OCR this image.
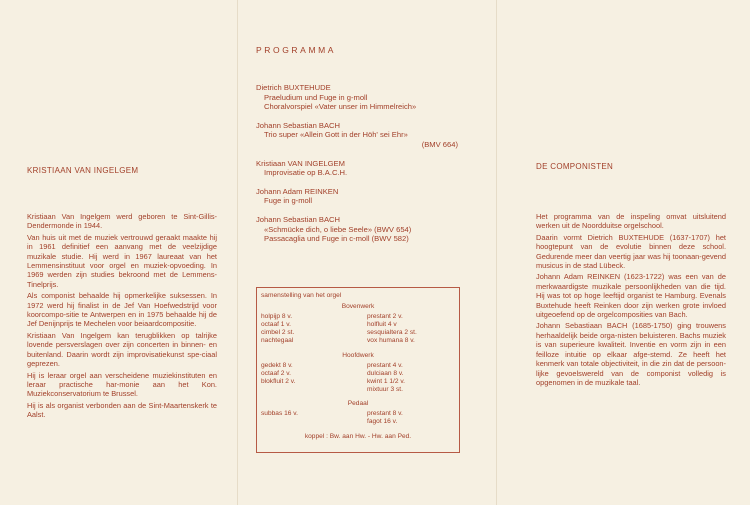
KRISTIAAN VAN INGELGEM

Kristiaan Van Ingelgem werd geboren te Sint-Gillis-Dendermonde in 1944.

Van huis uit met de muziek vertrouwd geraakt maakte hij in 1961 definitief een aanvang met de veelzijdige muzikale studie. Hij werd in 1967 laureaat van het Lemmensinstituut voor orgel en muziek-opvoeding. In 1969 werden zijn studies bekroond met de Lemmens-Tinelprijs.

Als componist behaalde hij opmerkelijke suksessen. In 1972 werd hij finalist in de Jef Van Hoefwedstrijd voor koorcompo-sitie te Antwerpen en in 1975 behaalde hij de Jef Denijnprijs te Mechelen voor beiaardcompositie.

Kristiaan Van Ingelgem kan terugblikken op talrijke lovende persverslagen over zijn concerten in binnen- en buitenland. Daarin wordt zijn improvisatiekunst spe-ciaal geprezen.

Hij is leraar orgel aan verscheidene muziekinstituten en leraar practische har-monie aan het Kon. Muziekconservatorium te Brussel.

Hij is als organist verbonden aan de Sint-Maartenskerk te Aalst.

PROGRAMMA
Dietrich BUXTEHUDE
Praeludium und Fuge in g-moll
Choralvorspiel «Vater unser im Himmelreich»
Johann Sebastian BACH
Trio super «Allein Gott in der Höh' sei Ehr»
(BMV 664)
Kristiaan VAN INGELGEM
Improvisatie op B.A.C.H.
Johann Adam REINKEN
Fuge in g-moll
Johann Sebastian BACH
«Schmücke dich, o liebe Seele» (BWV 654)
Passacaglia und Fuge in c-moll (BWV 582)
samenstelling van het orgel
Bovenwerk
holpijp 8 v.
octaaf 1 v.
cimbel 2 st.
nachtegaal
prestant 2 v.
holfluit 4 v
sesquialtera 2 st.
vox humana 8 v.
Hoofdwerk
gedekt 8 v.
octaaf 2 v.
blokfluit 2 v.
prestant 4 v.
dulciaan 8 v.
kwint 1 1/2 v.
mixtuur 3 st.
Pedaal
subbas 16 v.	prestant 8 v.
fagot 16 v.
koppel : Bw. aan Hw. - Hw. aan Ped.
DE COMPONISTEN

Het programma van de inspeling omvat uitsluitend werken uit de Noordduitse orgelschool.

Daarin vormt Dietrich BUXTEHUDE (1637-1707) het hoogtepunt van de evolutie binnen deze school. Gedurende meer dan veertig jaar was hij toonaan-gevend musicus in de stad Lübeck.

Johann Adam REINKEN (1623-1722) was een van de merkwaardigste muzikale persoonlijkheden van die tijd. Hij was tot op hoge leeftijd organist te Hamburg. Evenals Buxtehude heeft Reinken door zijn werken grote invloed uitgeoefend op de orgelcomposities van Bach.

Johann Sebastiaan BACH (1685-1750) ging trouwens herhaaldelijk beide orga-nisten beluisteren. Bachs muziek is van superieure kwaliteit. Inventie en vorm zijn in een feilloze intuitie op elkaar afge-stemd. Ze heeft het kenmerk van totale objectiviteit, in die zin dat de persoon-lijke gevoelswereld van de componist volledig is opgenomen in de muzikale taal.
